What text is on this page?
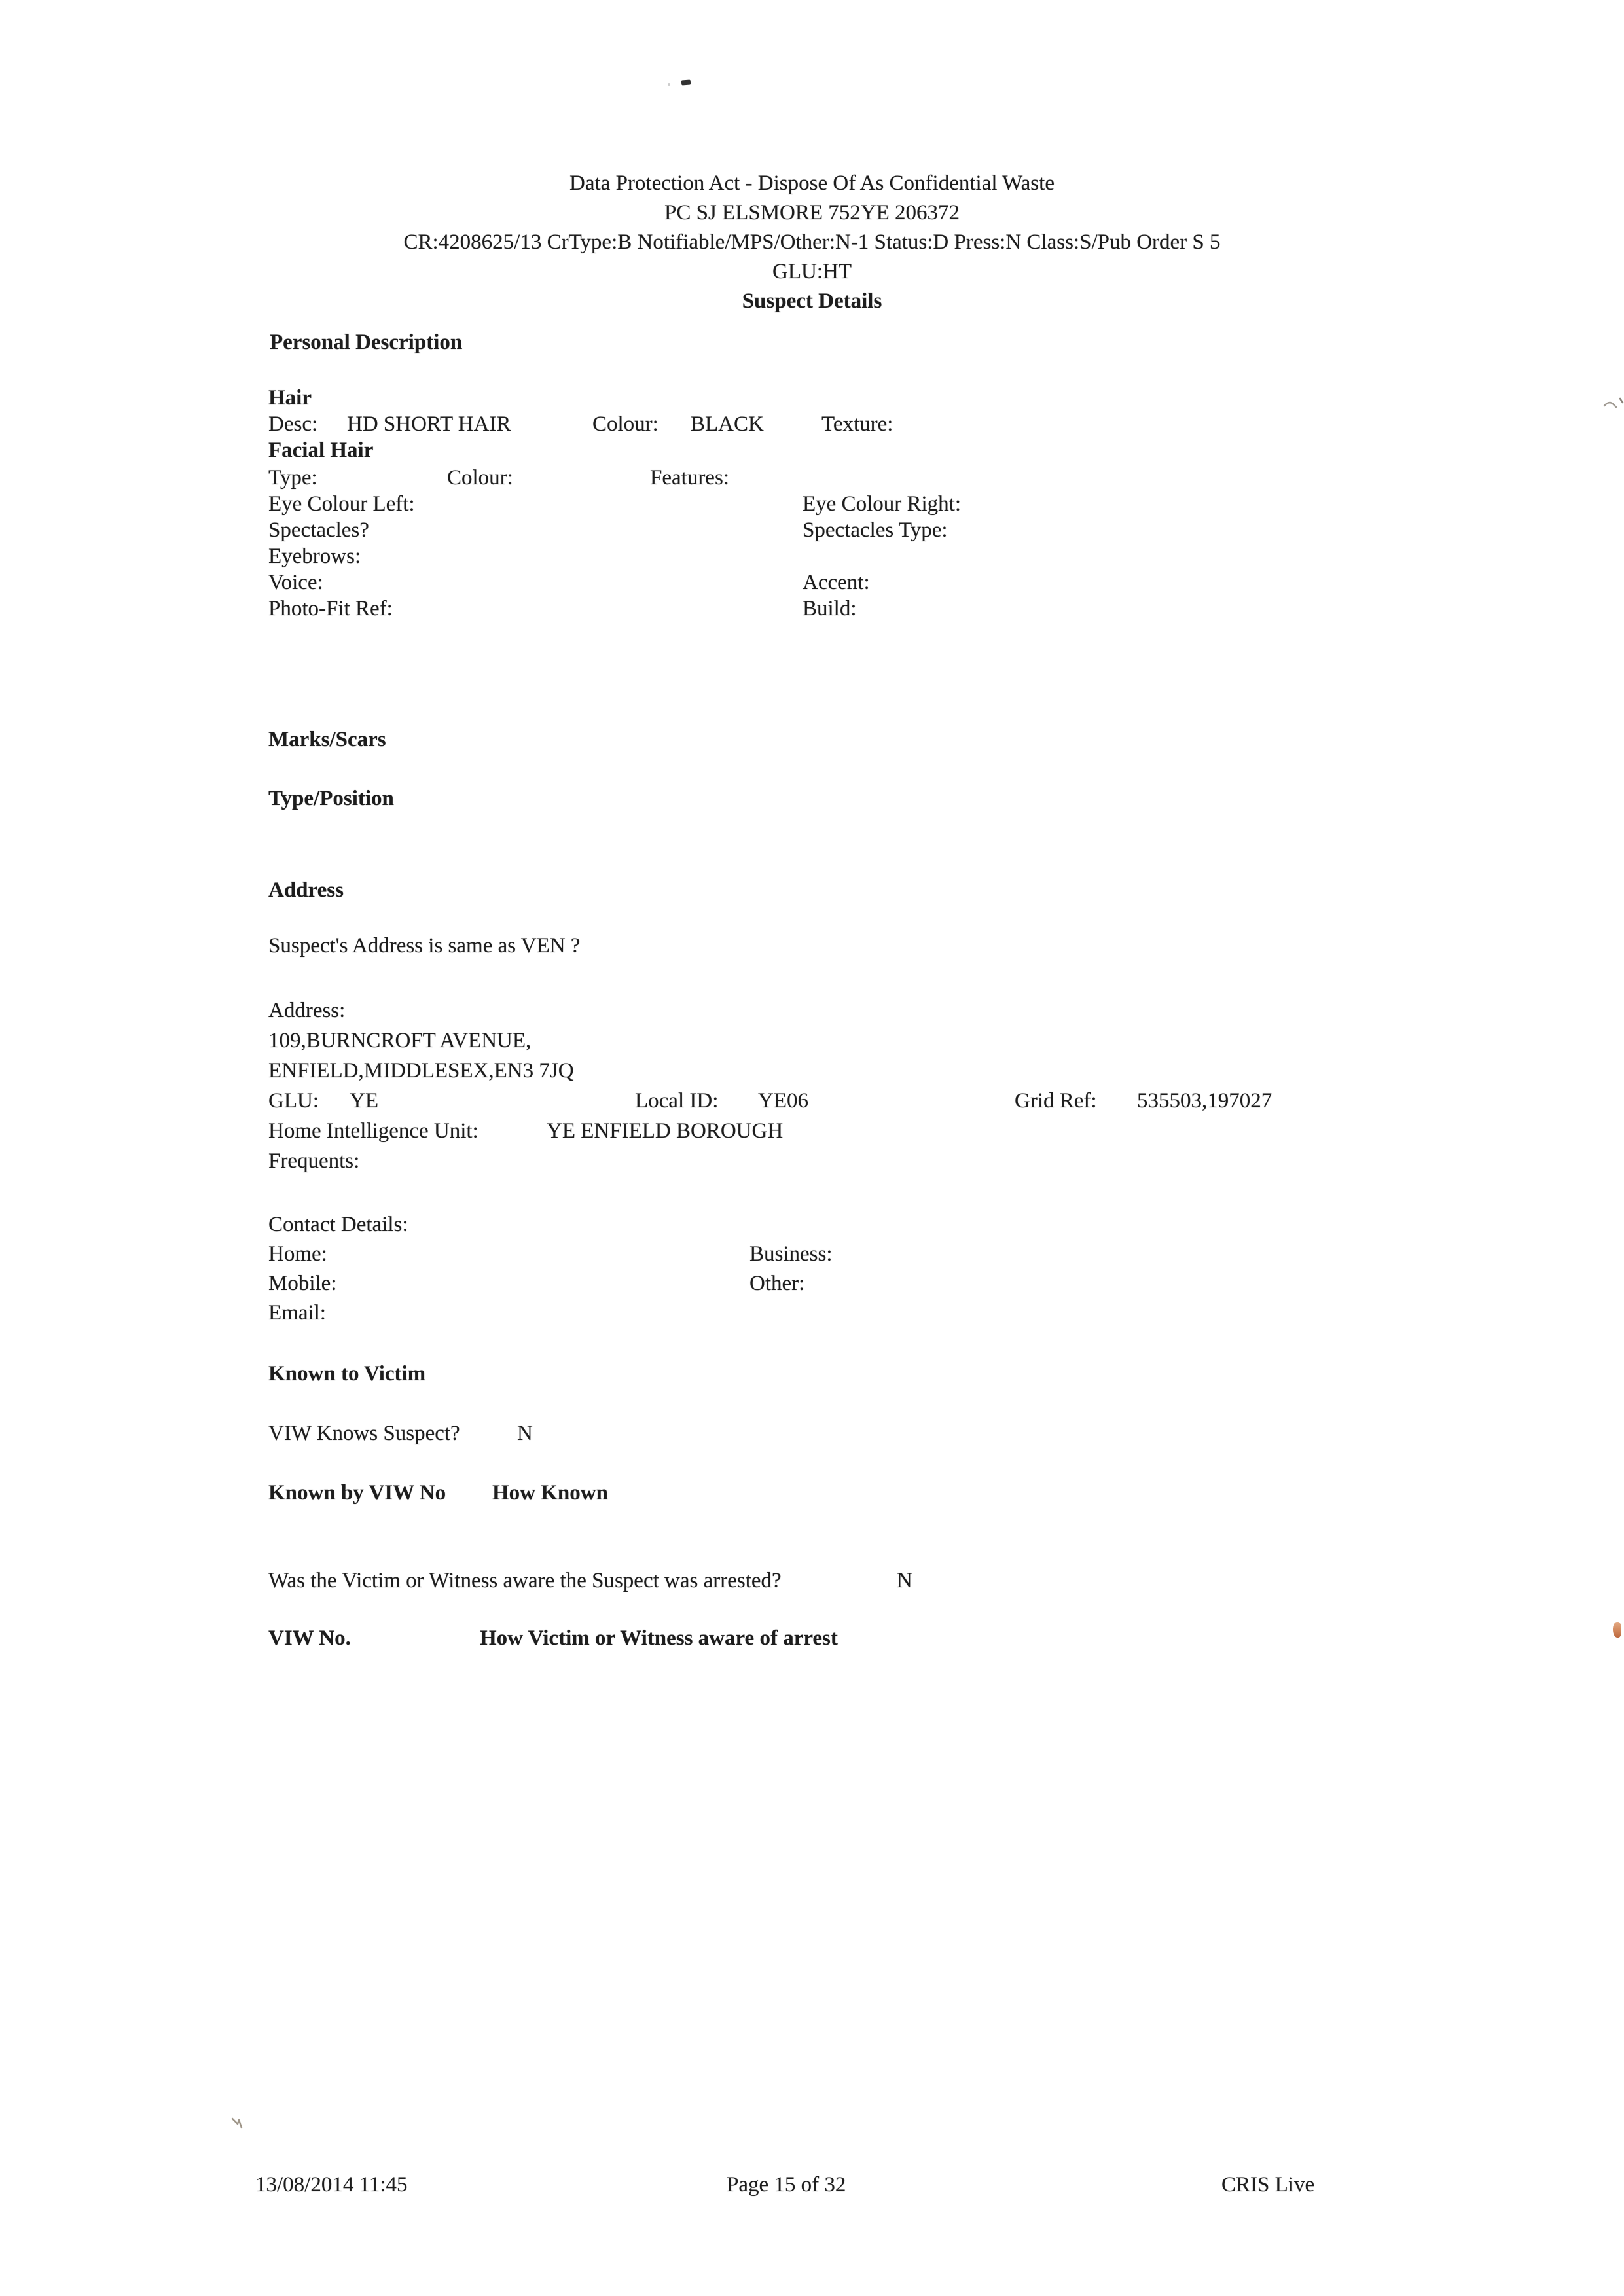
Data Protection Act - Dispose Of As Confidential Waste
PC SJ ELSMORE 752YE 206372
CR:4208625/13 CrType:B Notifiable/MPS/Other:N-1 Status:D Press:N Class:S/Pub Order S 5
GLU:HT
Suspect Details
Personal Description
Hair
Desc: HD SHORT HAIR	Colour: BLACK	Texture:
Facial Hair
Type:	Colour:	Features:
Eye Colour Left:	Eye Colour Right:
Spectacles?	Spectacles Type:
Eyebrows:
Voice:	Accent:
Photo-Fit Ref:	Build:
Marks/Scars
Type/Position
Address
Suspect's Address is same as VEN ?
Address:
109,BURNCROFT AVENUE,
ENFIELD,MIDDLESEX,EN3 7JQ
GLU: YE	Local ID: YE06	Grid Ref: 535503,197027
Home Intelligence Unit:	YE ENFIELD BOROUGH
Frequents:
Contact Details:
Home:	Business:
Mobile:	Other:
Email:
Known to Victim
VIW Knows Suspect?	N
Known by VIW No How Known
Was the Victim or Witness aware the Suspect was arrested?	N
VIW No.	How Victim or Witness aware of arrest
13/08/2014 11:45	Page 15 of 32	CRIS Live
